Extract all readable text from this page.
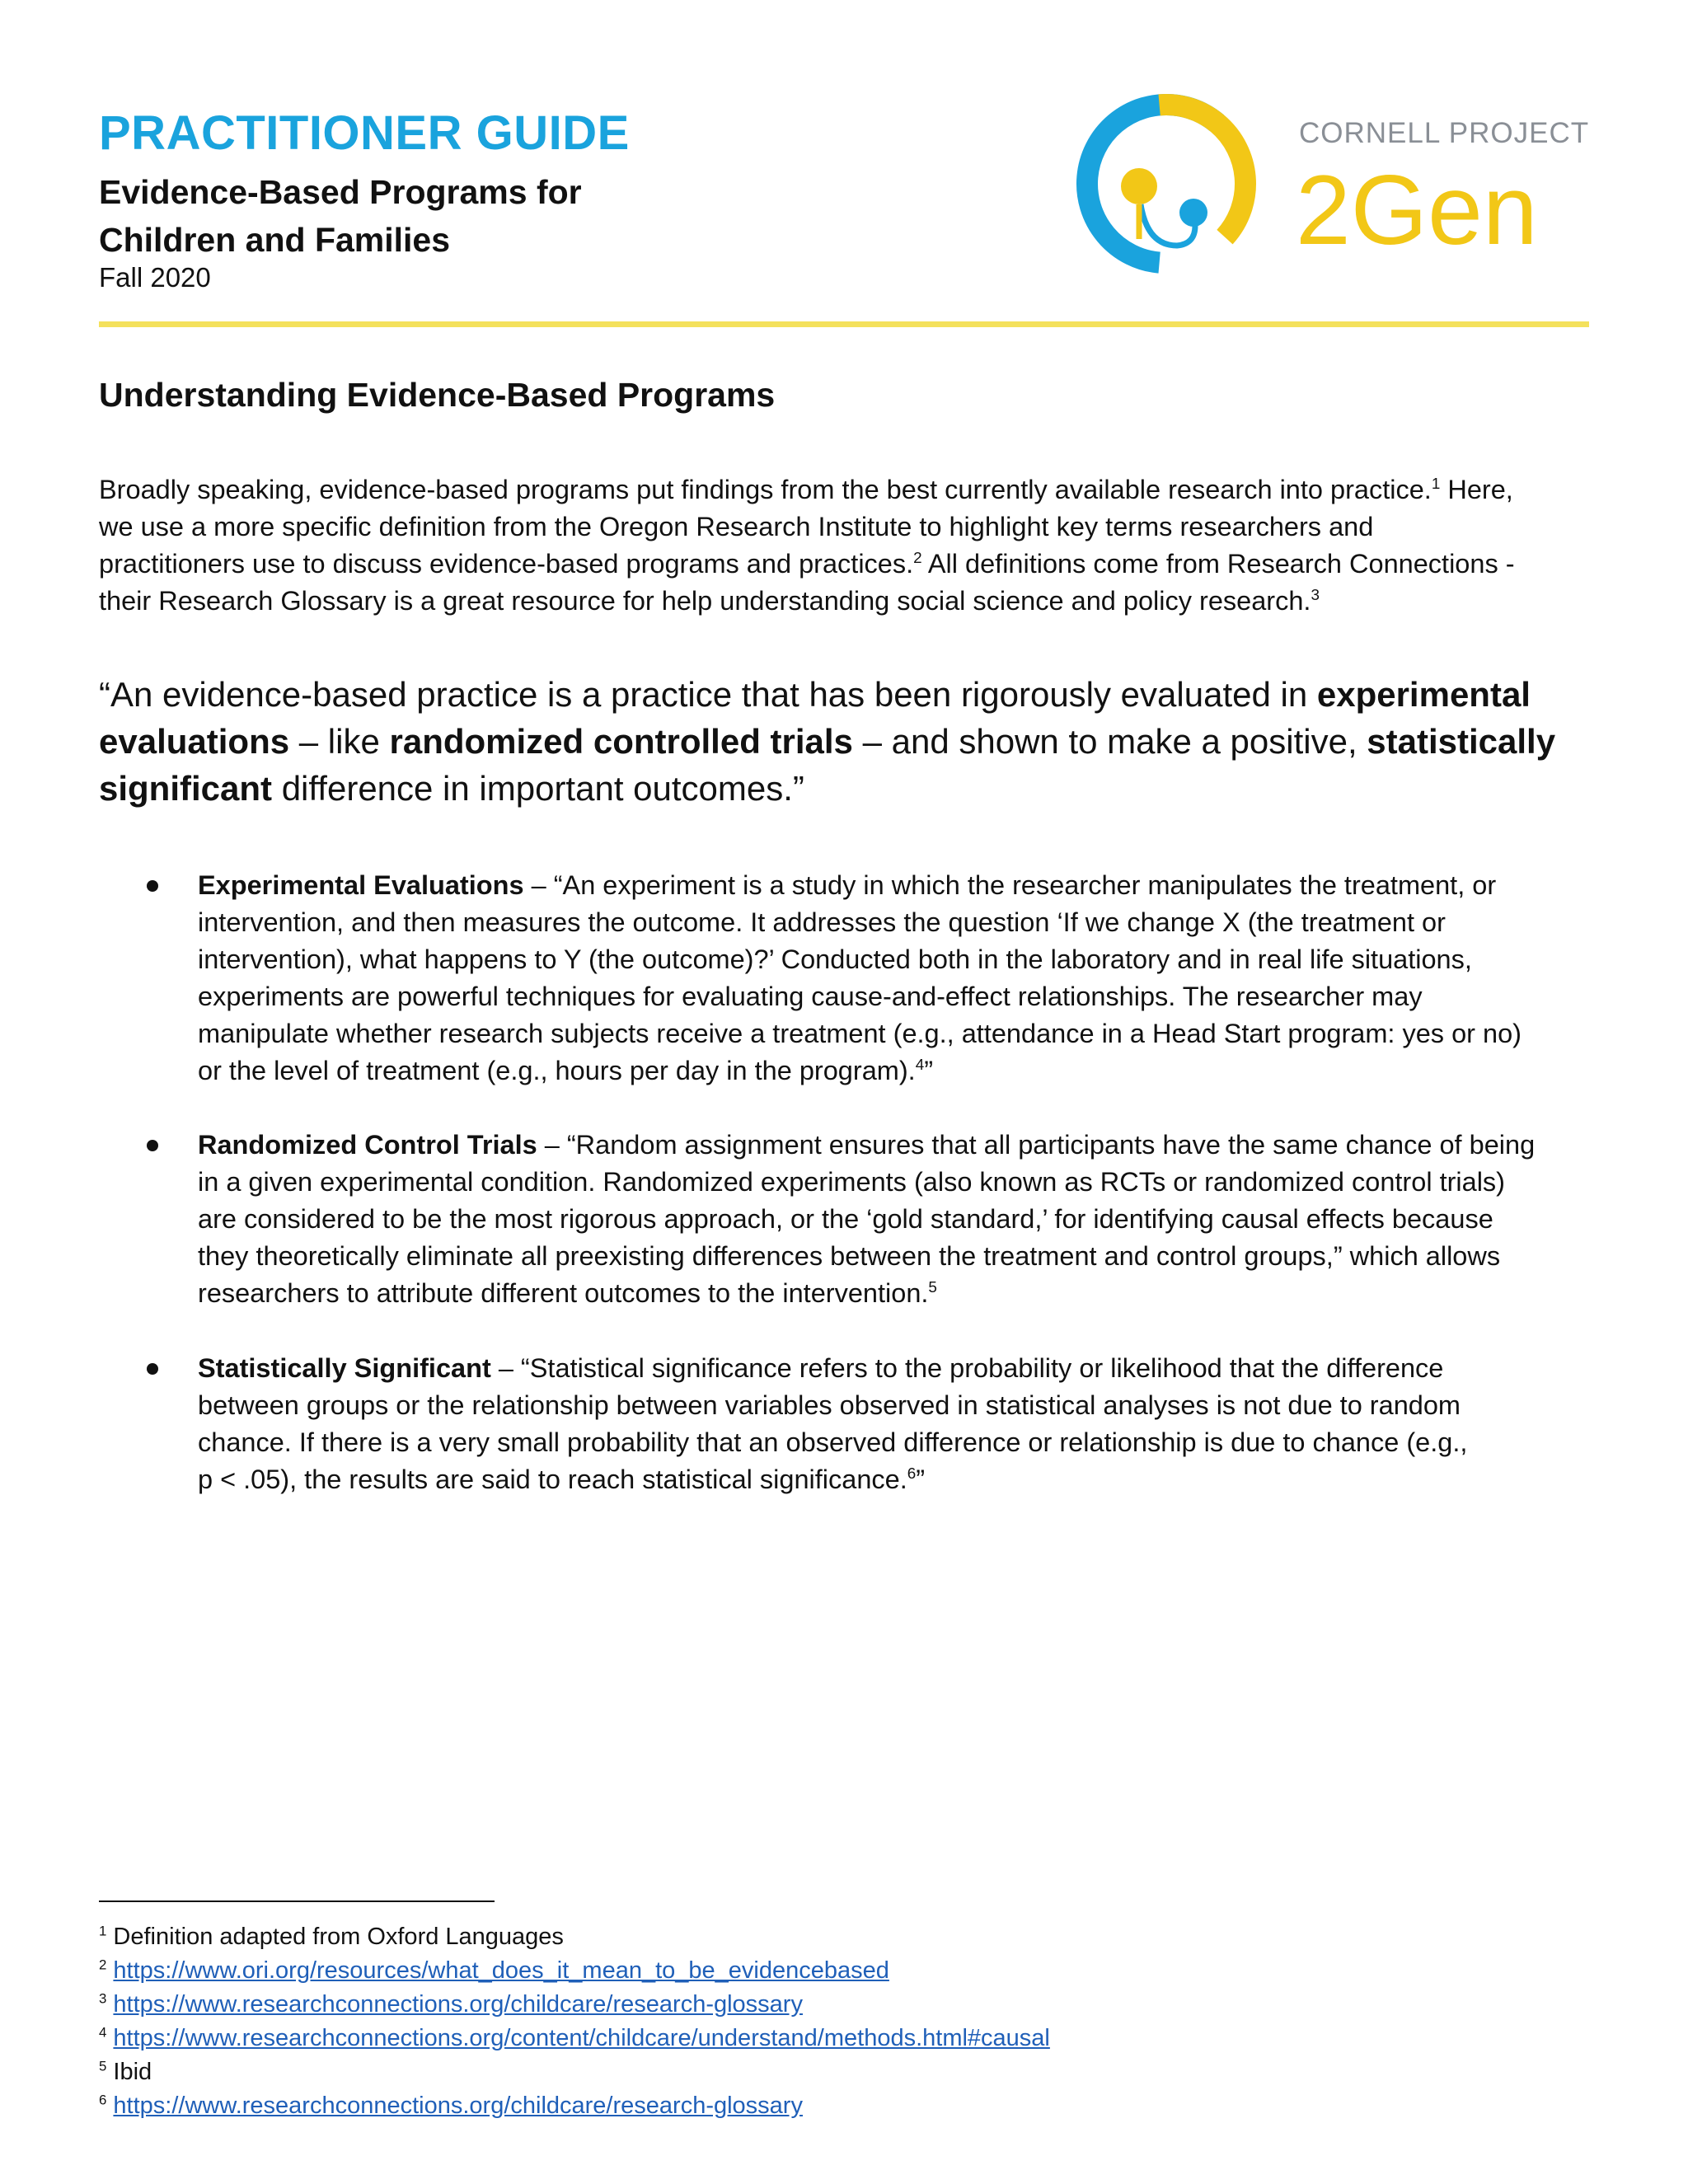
PRACTITIONER GUIDE
Evidence-Based Programs for
Children and Families
Fall 2020
CORNELL PROJECT
2Gen
Understanding Evidence-Based Programs
Broadly speaking, evidence-based programs put findings from the best currently available research into practice.$^1$ Here,
we use a more specific definition from the Oregon Research Institute to highlight key terms researchers and
practitioners use to discuss evidence-based programs and practices.$^2$ All definitions come from Research Connections -
their Research Glossary is a great resource for help understanding social science and policy research.$^3$
“An evidence-based practice is a practice that has been rigorously evaluated in experimental
evaluations – like randomized controlled trials – and shown to make a positive, statistically
significant difference in important outcomes.”
Experimental Evaluations – “An experiment is a study in which the researcher manipulates the treatment, or
intervention, and then measures the outcome. It addresses the question ‘If we change X (the treatment or
intervention), what happens to Y (the outcome)?’ Conducted both in the laboratory and in real life situations,
experiments are powerful techniques for evaluating cause-and-effect relationships. The researcher may
manipulate whether research subjects receive a treatment (e.g., attendance in a Head Start program: yes or no)
or the level of treatment (e.g., hours per day in the program).$^4$”
Randomized Control Trials – “Random assignment ensures that all participants have the same chance of being
in a given experimental condition. Randomized experiments (also known as RCTs or randomized control trials)
are considered to be the most rigorous approach, or the ‘gold standard,’ for identifying causal effects because
they theoretically eliminate all preexisting differences between the treatment and control groups,” which allows
researchers to attribute different outcomes to the intervention.$^5$
Statistically Significant – “Statistical significance refers to the probability or likelihood that the difference
between groups or the relationship between variables observed in statistical analyses is not due to random
chance. If there is a very small probability that an observed difference or relationship is due to chance (e.g.,
p < .05), the results are said to reach statistical significance.$^6$”
$^1$ Definition adapted from Oxford Languages
$^2$ https://www.ori.org/resources/what_does_it_mean_to_be_evidencebased
$^3$ https://www.researchconnections.org/childcare/research-glossary
$^4$ https://www.researchconnections.org/content/childcare/understand/methods.html#causal
$^5$ Ibid
$^6$ https://www.researchconnections.org/childcare/research-glossary
